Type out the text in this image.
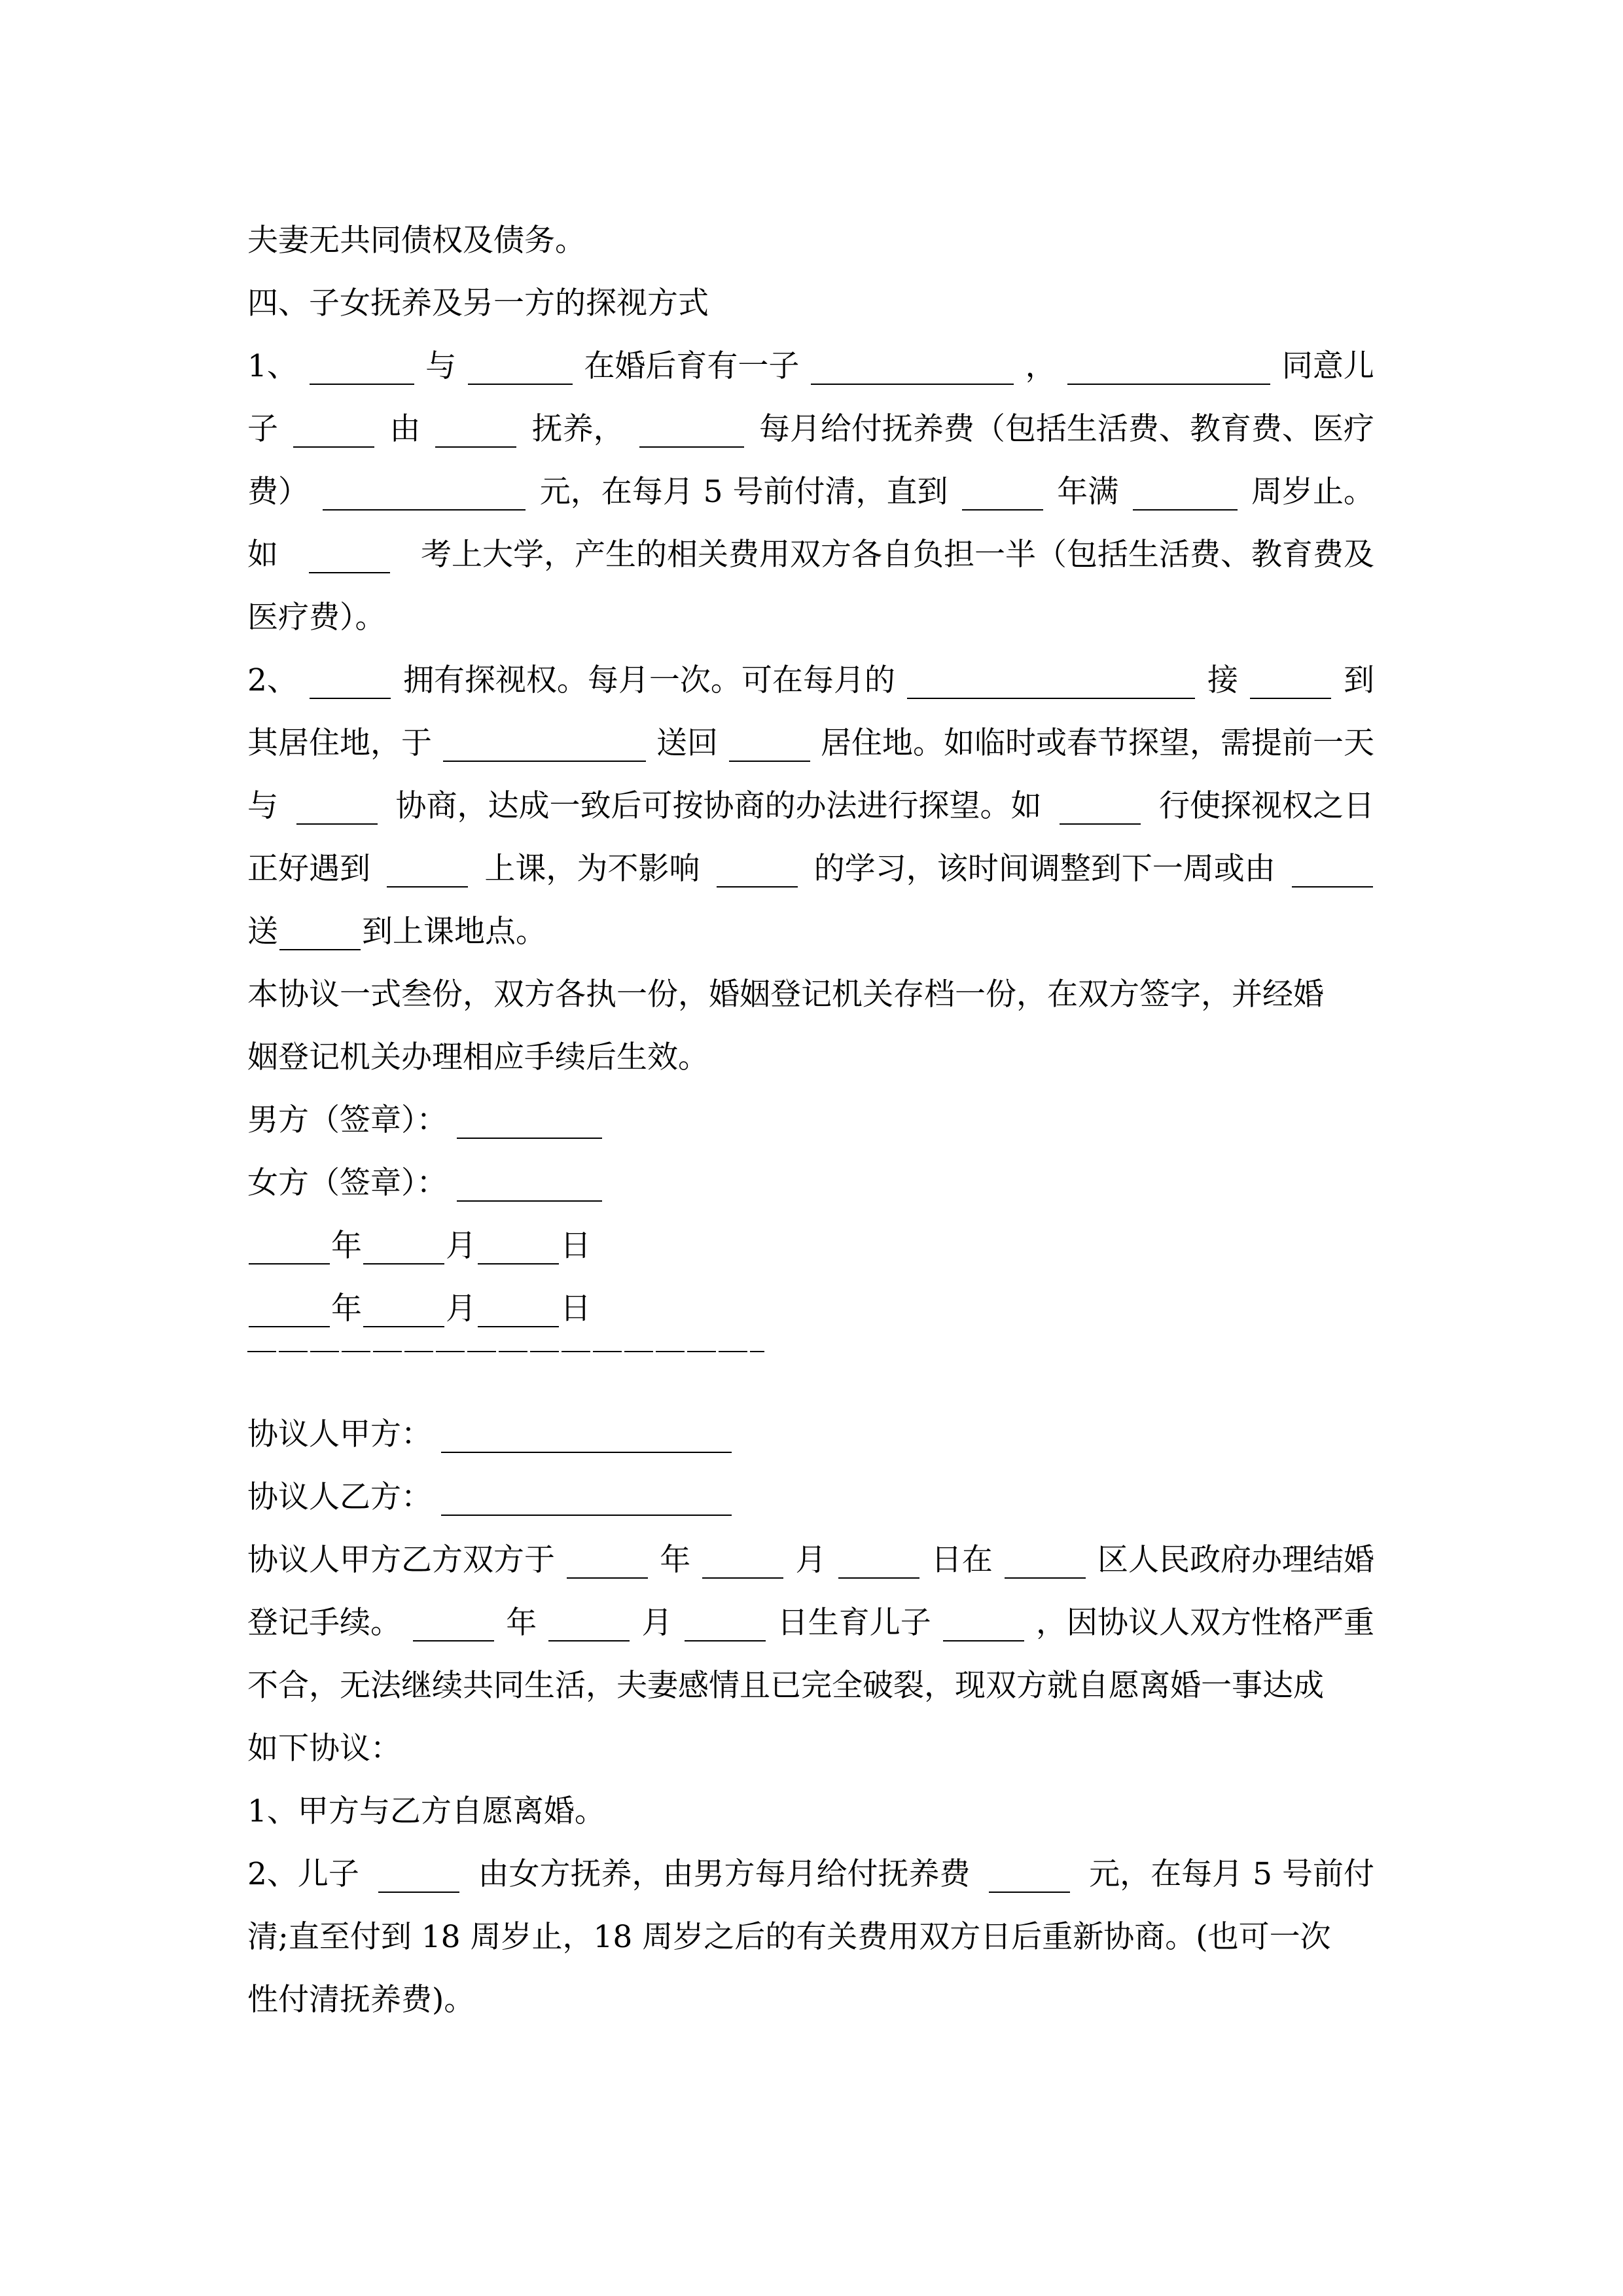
夫妻无共同债权及债务。
四、子女抚养及另一方的探视方式
1、	与	在婚后育有一子	，	同意儿
子	由	抚养，	每月给付抚养费（包括生活费、教育费、医疗
费）	元，在每月 5 号前付清，直到	年满	周岁止。
如	考上大学，产生的相关费用双方各自负担一半（包括生活费、教育费及
医疗费）。
2、	拥有探视权。每月一次。可在每月的	接	到
其居住地，于	送回	居住地。如临时或春节探望，需提前一天
与	协商，达成一致后可按协商的办法进行探望。如	行使探视权之日
正好遇到	上课，为不影响	的学习，该时间调整到下一周或由
送	到上课地点。
本协议一式叁份，双方各执一份，婚姻登记机关存档一份，在双方签字，并经婚
姻登记机关办理相应手续后生效。
男方（签章）：
女方（签章）：
年	月	日
年	月	日
协议人甲方：
协议人乙方：
协议人甲方乙方双方于	年	月	日在	区人民政府办理结婚
登记手续。	年	月	日生育儿子	，因协议人双方性格严重
不合，无法继续共同生活，夫妻感情且已完全破裂，现双方就自愿离婚一事达成
如下协议：
1、甲方与乙方自愿离婚。
2、儿子	由女方抚养，由男方每月给付抚养费	元，在每月 5 号前付
清;直至付到 18 周岁止，18 周岁之后的有关费用双方日后重新协商。(也可一次
性付清抚养费)。
